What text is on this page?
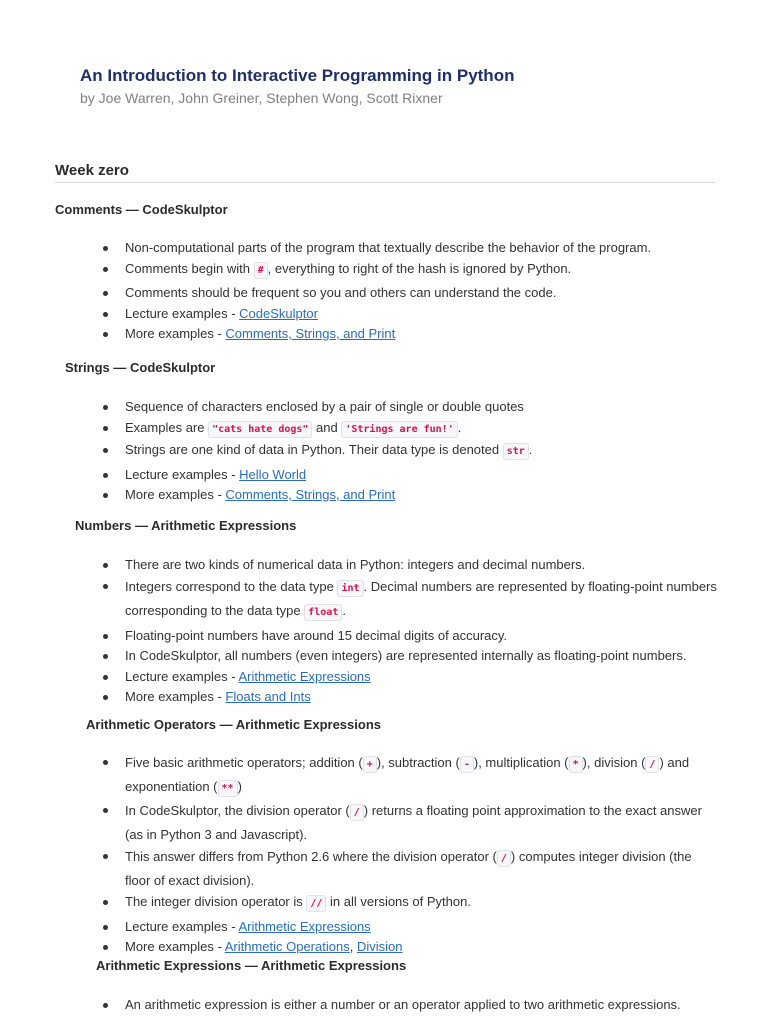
An Introduction to Interactive Programming in Python

by Joe Warren, John Greiner, Stephen Wong, Scott Rixner

Week zero
Comments — CodeSkulptor
Non-computational parts of the program that textually describe the behavior of the program.
Comments begin with # , everything to right of the hash is ignored by Python.
Comments should be frequent so you and others can understand the code.
Lecture examples - CodeSkulptor
More examples - Comments, Strings, and Print
Strings — CodeSkulptor
Sequence of characters enclosed by a pair of single or double quotes
Examples are "cats hate dogs" and 'Strings are fun!' .
Strings are one kind of data in Python. Their data type is denoted str .
Lecture examples - Hello World
More examples - Comments, Strings, and Print
Numbers — Arithmetic Expressions
There are two kinds of numerical data in Python: integers and decimal numbers.
Integers correspond to the data type int . Decimal numbers are represented by floating-point numbers corresponding to the data type float .
Floating-point numbers have around 15 decimal digits of accuracy.
In CodeSkulptor, all numbers (even integers) are represented internally as floating-point numbers.
Lecture examples - Arithmetic Expressions
More examples - Floats and Ints
Arithmetic Operators — Arithmetic Expressions
Five basic arithmetic operators; addition ( + ), subtraction ( - ), multiplication ( * ), division ( / ) and exponentiation ( ** )
In CodeSkulptor, the division operator ( / ) returns a floating point approximation to the exact answer (as in Python 3 and Javascript).
This answer differs from Python 2.6 where the division operator ( / ) computes integer division (the floor of exact division).
The integer division operator is // in all versions of Python.
Lecture examples - Arithmetic Expressions
More examples - Arithmetic Operations, Division
Arithmetic Expressions — Arithmetic Expressions
An arithmetic expression is either a number or an operator applied to two arithmetic expressions.
